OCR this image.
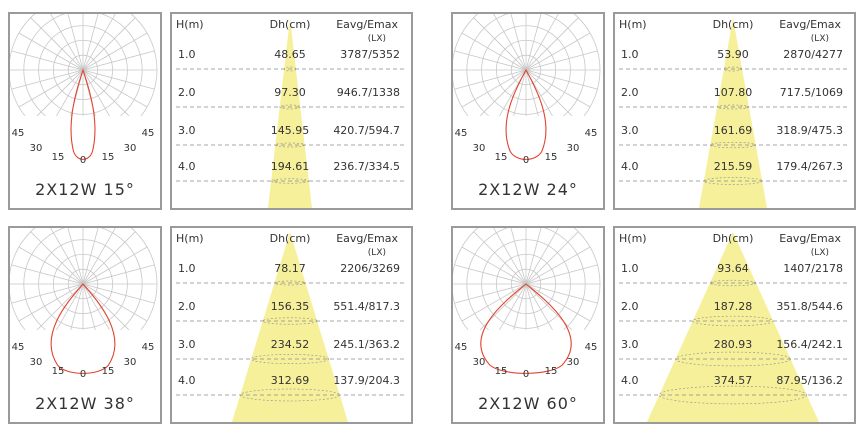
45
30
15 0 15
30
45
2X12W 15°
H(m)	Dh(cm) Eavg/Emax
(LX)
1.0	48.65	3787/5352
2.0	97.30	946.7/1338
3.0	145.95 420.7/594.7
4.0	194.61 236.7/334.5
45
30
15 0 15
30
45
2X12W 24°
H(m)	Dh(cm) Eavg/Emax
(LX)
1.0	53.90	2870/4277
2.0	107.80	717.5/1069
3.0	161.69 318.9/475.3
4.0	215.59 179.4/267.3
45
30
15 0 15
30
45
2X12W 38°
H(m)	Dh(cm) Eavg/Emax
(LX)
1.0	78.17	2206/3269
2.0	156.35 551.4/817.3
3.0	234.52 245.1/363.2
4.0	312.69 137.9/204.3
45
30
15 0 15
30
45
2X12W 60°
H(m)	Dh(cm) Eavg/Emax
(LX)
1.0	93.64	1407/2178
2.0	187.28 351.8/544.6
3.0	280.93 156.4/242.1
4.0	374.57 87.95/136.2
